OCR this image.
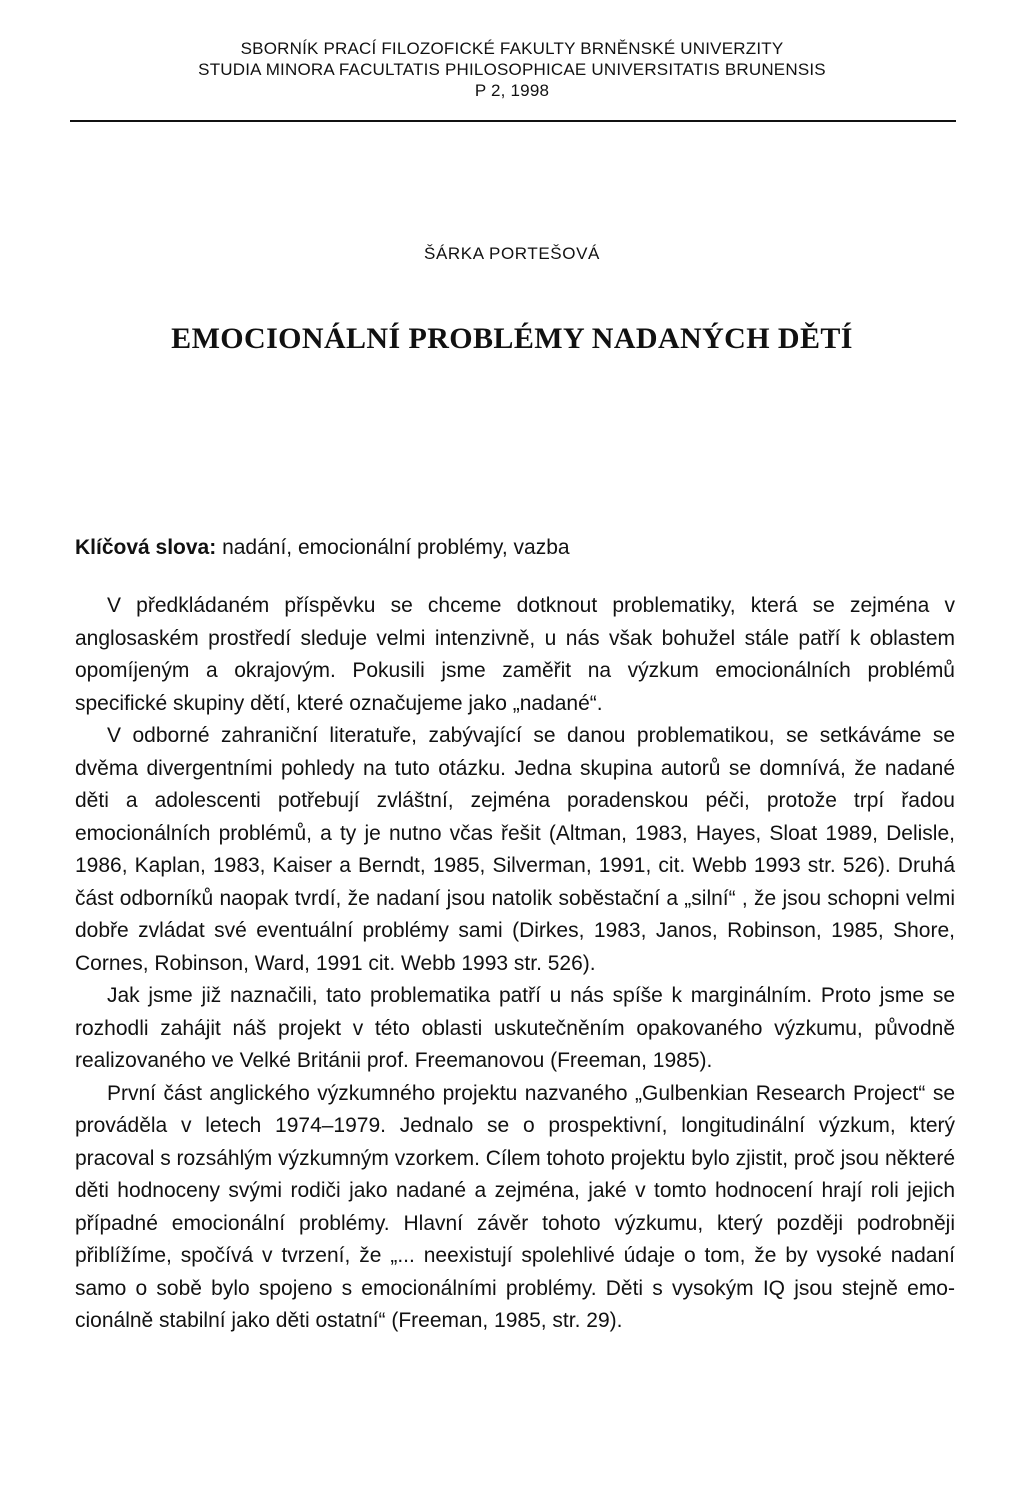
SBORNÍK PRACÍ FILOZOFICKÉ FAKULTY BRNĚNSKÉ UNIVERZITY
STUDIA MINORA FACULTATIS PHILOSOPHICAE UNIVERSITATIS BRUNENSIS
P 2, 1998
ŠÁRKA PORTEŠOVÁ
EMOCIONÁLNÍ PROBLÉMY NADANÝCH DĚTÍ
Klíčová slova: nadání, emocionální problémy, vazba

V předkládaném příspěvku se chceme dotknout problematiky, která se zejména v anglosaském prostředí sleduje velmi intenzivně, u nás však bohužel stále patří k oblastem opomíjeným a okrajovým. Pokusili jsme zaměřit na výzkum emocionálních problémů specifické skupiny dětí, které označujeme jako „nadané“.

V odborné zahraniční literatuře, zabývající se danou problematikou, se setkáváme se dvěma divergentními pohledy na tuto otázku. Jedna skupina autorů se domnívá, že nadané děti a adolescenti potřebují zvláštní, zejména poradenskou péči, protože trpí řadou emocionálních problémů, a ty je nutno včas řešit (Altman, 1983, Hayes, Sloat 1989, Delisle, 1986, Kaplan, 1983, Kaiser a Berndt, 1985, Silverman, 1991, cit. Webb 1993 str. 526). Druhá část odborníků naopak tvrdí, že nadaní jsou natolik soběstační a „silní“ , že jsou schopni velmi dobře zvládat své eventuální problémy sami (Dirkes, 1983, Janos, Robinson, 1985, Shore, Cornes, Robinson, Ward, 1991 cit. Webb 1993 str. 526).

Jak jsme již naznačili, tato problematika patří u nás spíše k marginálním. Proto jsme se rozhodli zahájit náš projekt v této oblasti uskutečněním opakovaného výzkumu, původně realizovaného ve Velké Británii prof. Freemanovou (Freeman, 1985).

První část anglického výzkumného projektu nazvaného „Gulbenkian Research Project“ se prováděla v letech 1974–1979. Jednalo se o prospektivní, longitudinální výzkum, který pracoval s rozsáhlým výzkumným vzorkem. Cílem tohoto projektu bylo zjistit, proč jsou některé děti hodnoceny svými rodiči jako nadané a zejména, jaké v tomto hodnocení hrají roli jejich případné emocionální problémy. Hlavní závěr tohoto výzkumu, který později podrobněji přiblížíme, spočívá v tvrzení, že „... neexistují spolehlivé údaje o tom, že by vysoké nadaní samo o sobě bylo spojeno s emocionálními problémy. Děti s vysokým IQ jsou stejně emocionálně stabilní jako děti ostatní“ (Freeman, 1985, str. 29).
